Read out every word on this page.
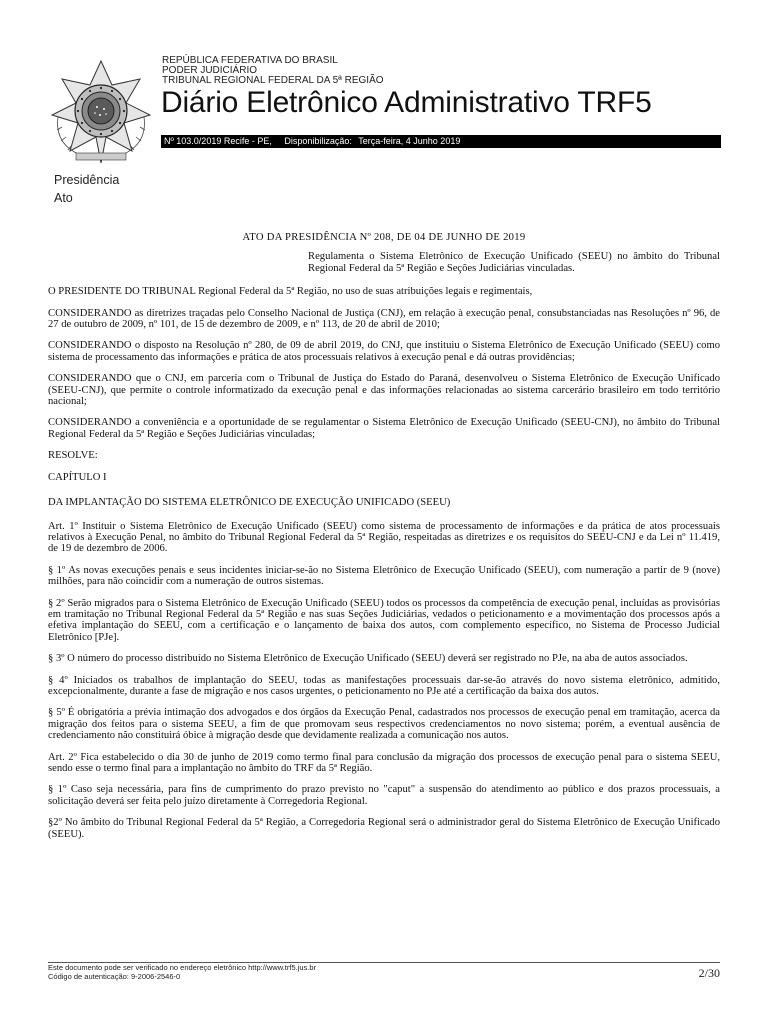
REPÚBLICA FEDERATIVA DO BRASIL
PODER JUDICIÁRIO
TRIBUNAL REGIONAL FEDERAL DA 5ª REGIÃO
Diário Eletrônico Administrativo TRF5
Nº 103.0/2019 Recife - PE, Disponibilização: Terça-feira, 4 Junho 2019
Presidência
Ato
ATO DA PRESIDÊNCIA Nº 208, DE 04 DE JUNHO DE 2019
Regulamenta o Sistema Eletrônico de Execução Unificado (SEEU) no âmbito do Tribunal Regional Federal da 5ª Região e Seções Judiciárias vinculadas.

O PRESIDENTE DO TRIBUNAL Regional Federal da 5ª Região, no uso de suas atribuições legais e regimentais,

CONSIDERANDO as diretrizes traçadas pelo Conselho Nacional de Justiça (CNJ), em relação à execução penal, consubstanciadas nas Resoluções nº 96, de 27 de outubro de 2009, nº 101, de 15 de dezembro de 2009, e nº 113, de 20 de abril de 2010;

CONSIDERANDO o disposto na Resolução nº 280, de 09 de abril 2019, do CNJ, que instituiu o Sistema Eletrônico de Execução Unificado (SEEU) como sistema de processamento das informações e prática de atos processuais relativos à execução penal e dá outras providências;

CONSIDERANDO que o CNJ, em parceria com o Tribunal de Justiça do Estado do Paraná, desenvolveu o Sistema Eletrônico de Execução Unificado (SEEU-CNJ), que permite o controle informatizado da execução penal e das informações relacionadas ao sistema carcerário brasileiro em todo território nacional;

CONSIDERANDO a conveniência e a oportunidade de se regulamentar o Sistema Eletrônico de Execução Unificado (SEEU-CNJ), no âmbito do Tribunal Regional Federal da 5ª Região e Seções Judiciárias vinculadas;

RESOLVE:

CAPÍTULO I

DA IMPLANTAÇÃO DO SISTEMA ELETRÔNICO DE EXECUÇÃO UNIFICADO (SEEU)

Art. 1º Instituir o Sistema Eletrônico de Execução Unificado (SEEU) como sistema de processamento de informações e da prática de atos processuais relativos à Execução Penal, no âmbito do Tribunal Regional Federal da 5ª Região, respeitadas as diretrizes e os requisitos do SEEU-CNJ e da Lei nº 11.419, de 19 de dezembro de 2006.

§ 1º As novas execuções penais e seus incidentes iniciar-se-ão no Sistema Eletrônico de Execução Unificado (SEEU), com numeração a partir de 9 (nove) milhões, para não coincidir com a numeração de outros sistemas.

§ 2º Serão migrados para o Sistema Eletrônico de Execução Unificado (SEEU) todos os processos da competência de execução penal, incluídas as provisórias em tramitação no Tribunal Regional Federal da 5ª Região e nas suas Seções Judiciárias, vedados o peticionamento e a movimentação dos processos após a efetiva implantação do SEEU, com a certificação e o lançamento de baixa dos autos, com complemento específico, no Sistema de Processo Judicial Eletrônico [PJe].

§ 3º O número do processo distribuído no Sistema Eletrônico de Execução Unificado (SEEU) deverá ser registrado no PJe, na aba de autos associados.

§ 4º Iniciados os trabalhos de implantação do SEEU, todas as manifestações processuais dar-se-ão através do novo sistema eletrônico, admitido, excepcionalmente, durante a fase de migração e nos casos urgentes, o peticionamento no PJe até a certificação da baixa dos autos.

§ 5º É obrigatória a prévia intimação dos advogados e dos órgãos da Execução Penal, cadastrados nos processos de execução penal em tramitação, acerca da migração dos feitos para o sistema SEEU, a fim de que promovam seus respectivos credenciamentos no novo sistema; porém, a eventual ausência de credenciamento não constituirá óbice à migração desde que devidamente realizada a comunicação nos autos.

Art. 2º Fica estabelecido o dia 30 de junho de 2019 como termo final para conclusão da migração dos processos de execução penal para o sistema SEEU, sendo esse o termo final para a implantação no âmbito do TRF da 5ª Região.

§ 1º Caso seja necessária, para fins de cumprimento do prazo previsto no "caput" a suspensão do atendimento ao público e dos prazos processuais, a solicitação deverá ser feita pelo juízo diretamente à Corregedoria Regional.

§2º No âmbito do Tribunal Regional Federal da 5ª Região, a Corregedoria Regional será o administrador geral do Sistema Eletrônico de Execução Unificado (SEEU).

Este documento pode ser verificado no endereço eletrônico http://www.trf5.jus.br
Código de autenticação: 9-2006-2546-0	2/30
